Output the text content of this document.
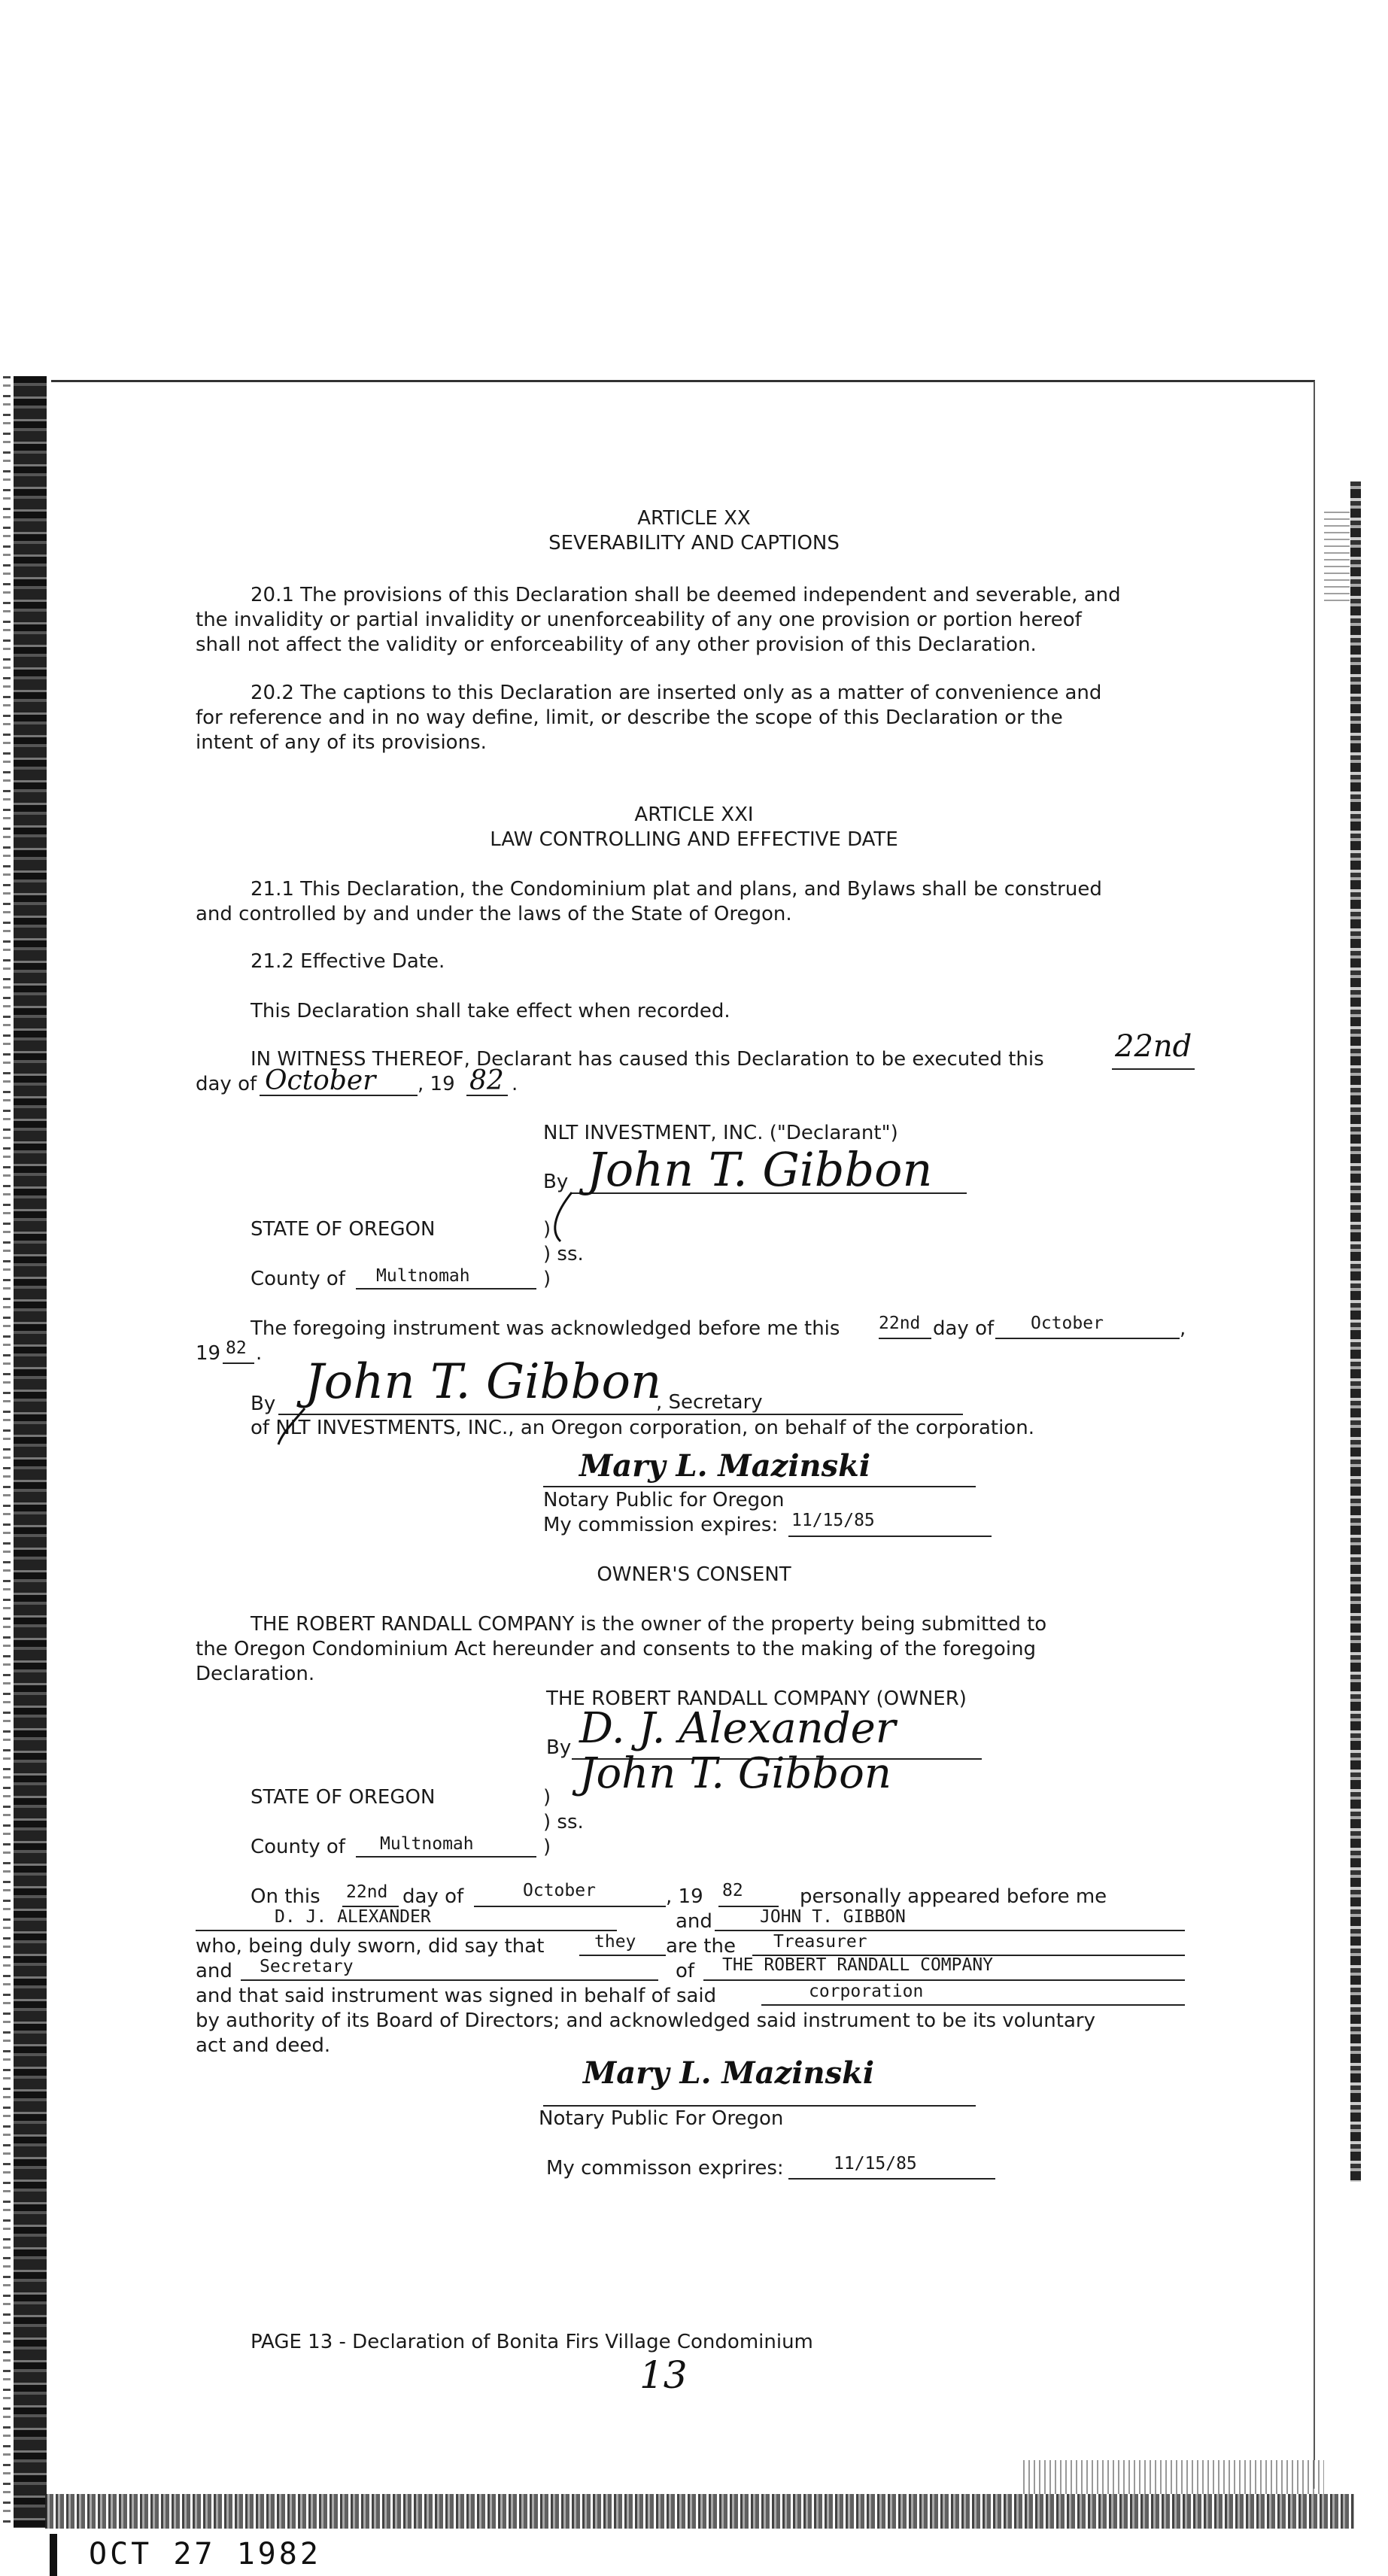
OCT 27 1982
ARTICLE XX
SEVERABILITY AND CAPTIONS
20.1 The provisions of this Declaration shall be deemed independent and severable, and
the invalidity or partial invalidity or unenforceability of any one provision or portion hereof
shall not affect the validity or enforceability of any other provision of this Declaration.
20.2 The captions to this Declaration are inserted only as a matter of convenience and
for reference and in no way define, limit, or describe the scope of this Declaration or the
intent of any of its provisions.
ARTICLE XXI
LAW CONTROLLING AND EFFECTIVE DATE
21.1 This Declaration, the Condominium plat and plans, and Bylaws shall be construed
and controlled by and under the laws of the State of Oregon.
21.2 Effective Date.
This Declaration shall take effect when recorded.
IN WITNESS THEREOF, Declarant has caused this Declaration to be executed this 22nd
day of October , 19 82 .
NLT INVESTMENT, INC. ("Declarant")
By John T. Gibbon
STATE OF OREGON	)
) ss.
County of Multnomah	)
The foregoing instrument was acknowledged before me this 22nd day of October	,
19 82 .
By John T. Gibbon
, Secretary
of NLT INVESTMENTS, INC., an Oregon corporation, on behalf of the corporation.
Mary L. Mazinski
Notary Public for Oregon
My commission expires: 11/15/85
OWNER'S CONSENT
THE ROBERT RANDALL COMPANY is the owner of the property being submitted to
the Oregon Condominium Act hereunder and consents to the making of the foregoing
Declaration.
THE ROBERT RANDALL COMPANY (OWNER)
By D. J. Alexander
John T. Gibbon
STATE OF OREGON	)
) ss.
County of Multnomah	)
On this 22nd day of	October	, 19 82	personally appeared before me
D. J. ALEXANDER	and	JOHN T. GIBBON
who, being duly sworn, did say that	they are the Treasurer
and Secretary	of THE ROBERT RANDALL COMPANY
and that said instrument was signed in behalf of said	corporation
by authority of its Board of Directors; and acknowledged said instrument to be its voluntary
act and deed.
Mary L. Mazinski
Notary Public For Oregon
My commisson exprires:	11/15/85
PAGE 13 - Declaration of Bonita Firs Village Condominium
13
